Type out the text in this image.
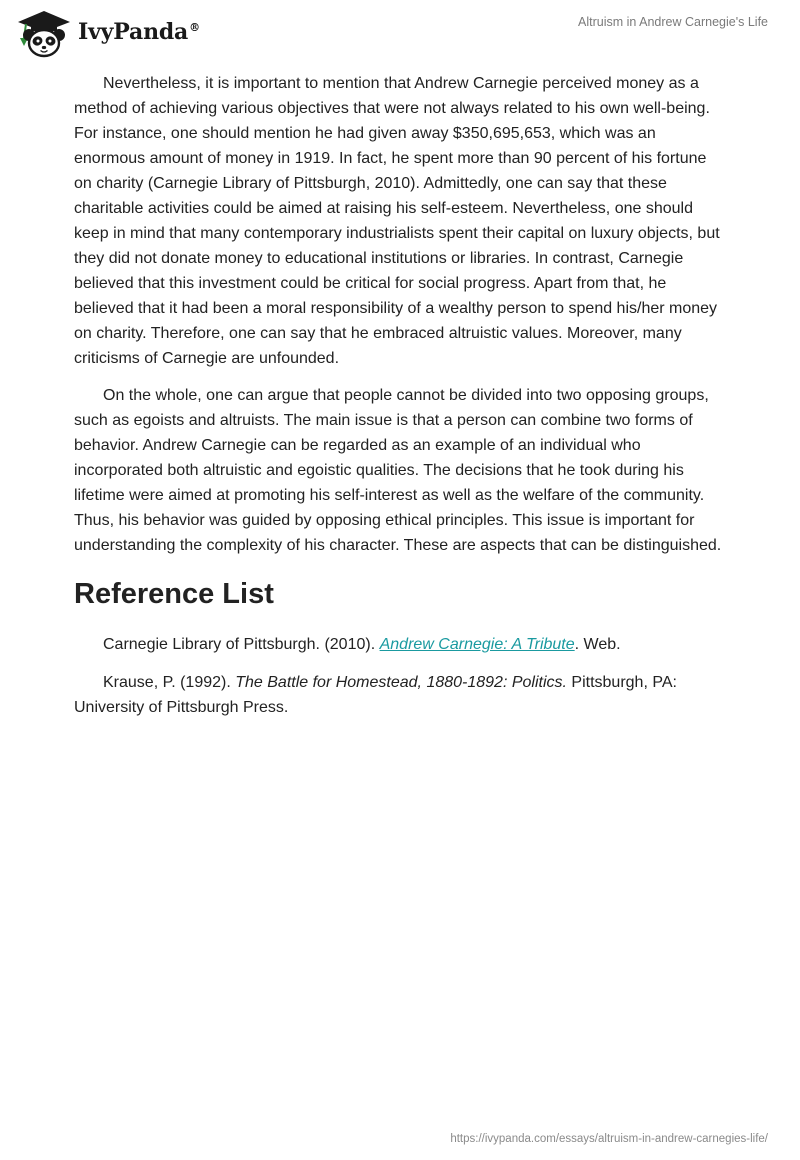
IvyPanda®	Altruism in Andrew Carnegie's Life

Nevertheless, it is important to mention that Andrew Carnegie perceived money as a method of achieving various objectives that were not always related to his own well-being. For instance, one should mention he had given away $350,695,653, which was an enormous amount of money in 1919. In fact, he spent more than 90 percent of his fortune on charity (Carnegie Library of Pittsburgh, 2010). Admittedly, one can say that these charitable activities could be aimed at raising his self-esteem. Nevertheless, one should keep in mind that many contemporary industrialists spent their capital on luxury objects, but they did not donate money to educational institutions or libraries. In contrast, Carnegie believed that this investment could be critical for social progress. Apart from that, he believed that it had been a moral responsibility of a wealthy person to spend his/her money on charity. Therefore, one can say that he embraced altruistic values. Moreover, many criticisms of Carnegie are unfounded.

On the whole, one can argue that people cannot be divided into two opposing groups, such as egoists and altruists. The main issue is that a person can combine two forms of behavior. Andrew Carnegie can be regarded as an example of an individual who incorporated both altruistic and egoistic qualities. The decisions that he took during his lifetime were aimed at promoting his self-interest as well as the welfare of the community. Thus, his behavior was guided by opposing ethical principles. This issue is important for understanding the complexity of his character. These are aspects that can be distinguished.

Reference List

Carnegie Library of Pittsburgh. (2010). Andrew Carnegie: A Tribute. Web.

Krause, P. (1992). The Battle for Homestead, 1880-1892: Politics. Pittsburgh, PA: University of Pittsburgh Press.

https://ivypanda.com/essays/altruism-in-andrew-carnegies-life/
